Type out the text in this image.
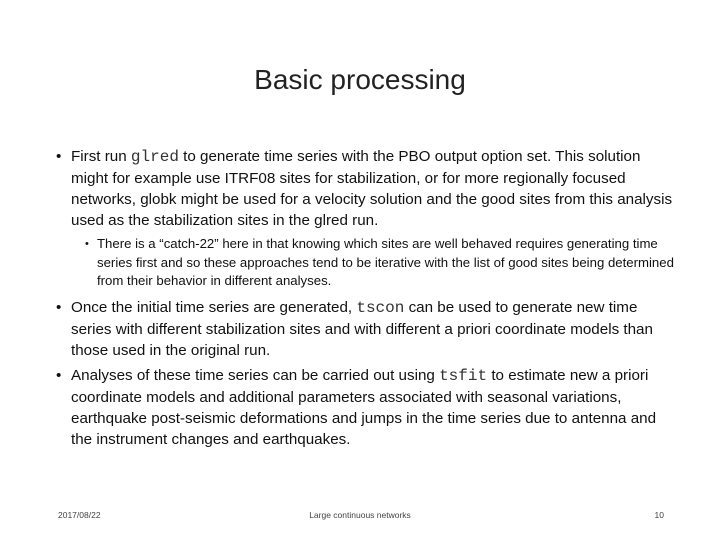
Basic processing
• First run glred to generate time series with the PBO output option set. This solution might for example use ITRF08 sites for stabilization, or for more regionally focused networks, globk might be used for a velocity solution and the good sites from this analysis used as the stabilization sites in the glred run.
• There is a “catch-22” here in that knowing which sites are well behaved requires generating time series first and so these approaches tend to be iterative with the list of good sites being determined from their behavior in different analyses.
• Once the initial time series are generated, tscon can be used to generate new time series with different stabilization sites and with different a priori coordinate models than those used in the original run.
• Analyses of these time series can be carried out using tsfit to estimate new a priori coordinate models and additional parameters associated with seasonal variations, earthquake post-seismic deformations and jumps in the time series due to antenna and the instrument changes and earthquakes.
2017/08/22	Large continuous networks	10
